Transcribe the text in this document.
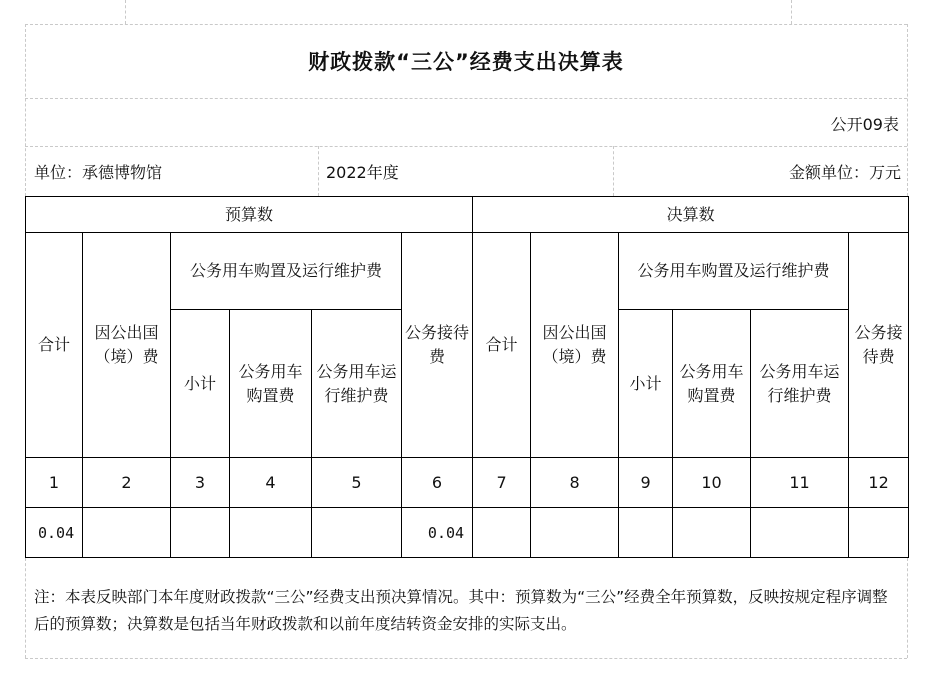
财政拨款“三公”经费支出决算表
公开09表
单位：承德博物馆	2022年度	金额单位：万元
预算数						决算数					
合计	因公出国（境）费	公务用车购置及运行维护费			公务接待费	合计	因公出国（境）费	公务用车购置及运行维护费			公务接待费
		小计	公务用车购置费	公务用车运行维护费				小计	公务用车购置费	公务用车运行维护费	
1	2	3	4	5	6	7	8	9	10	11	12
0.04					0.04						
注：本表反映部门本年度财政拨款“三公”经费支出预决算情况。其中：预算数为“三公”经费全年预算数，反映按规定程序调整后的预算数；决算数是包括当年财政拨款和以前年度结转资金安排的实际支出。
